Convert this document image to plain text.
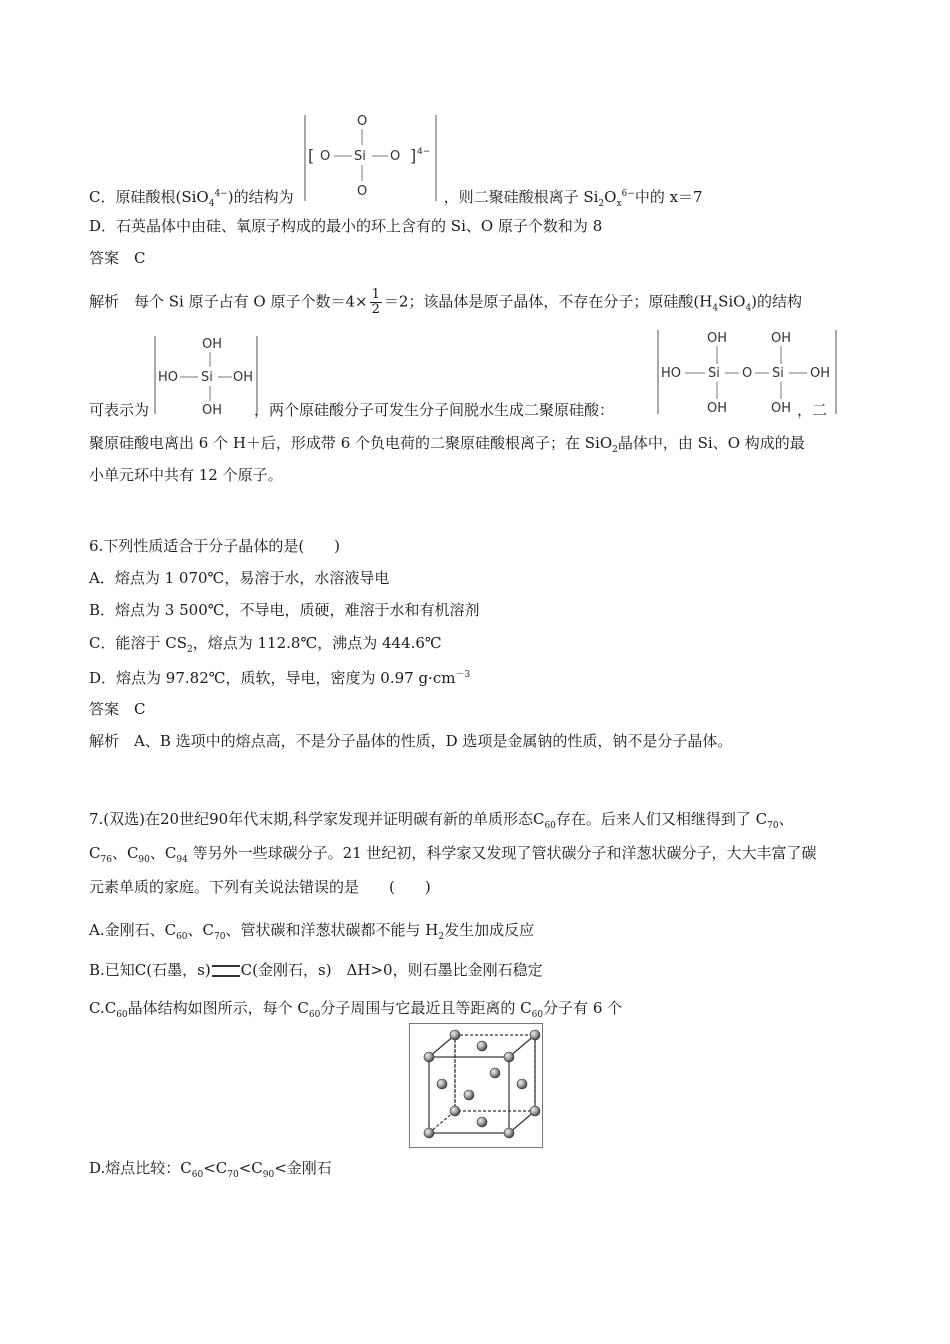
[ O Si O ] 4−
O
O
C．原硅酸根(SiO$_4^{4-}$)的结构为	，则二聚硅酸根离子 $Si_2O_x^{6-}$中的 x＝7
D．石英晶体中由硅、氧原子构成的最小的环上含有的 Si、O 原子个数和为 8
答案　C
解析　每个 Si 原子占有 O 原子个数$=4\times \frac{1}{2} =2$；该晶体是原子晶体，不存在分子；原硅酸$(H_4SiO_4)$的结构
OH
HO Si OH
OH
OH	OH
HO Si O Si OH
OH	OH
可表示为	，两个原硅酸分子可发生分子间脱水生成二聚原硅酸：	，二
聚原硅酸电离出 6 个 H＋后，形成带 6 个负电荷的二聚原硅酸根离子；在 SiO$_2$晶体中，由 Si、O 构成的最
小单元环中共有 12 个原子。
6.下列性质适合于分子晶体的是(　　)
A．熔点为 1 070℃，易溶于水，水溶液导电
B．熔点为 3 500℃，不导电，质硬，难溶于水和有机溶剂
C．能溶于 $CS_2$，熔点为 112.8℃，沸点为 444.6℃
D．熔点为 97.82℃，质软，导电，密度为 0.97 $g\cdot cm^{-3}$
答案　C
解析　A、B 选项中的熔点高，不是分子晶体的性质，D 选项是金属钠的性质，钠不是分子晶体。
7.(双选)在20世纪90年代末期,科学家发现并证明碳有新的单质形态$C_{60}$存在。后来人们又相继得到了 $C_{70}$、
$C_{76}$、$C_{90}$、$C_{94}$ 等另外一些球碳分子。21 世纪初，科学家又发现了管状碳分子和洋葱状碳分子，大大丰富了碳
元素单质的家庭。下列有关说法错误的是　　(　　)
A.金刚石、$C_{60}$、$C_{70}$、管状碳和洋葱状碳都不能与 $H_2$发生加成反应
B.已知C(石墨，s) C(金刚石，s)　ΔH>0，则石墨比金刚石稳定
$C.C_{60}$晶体结构如图所示，每个 $C_{60}$分子周围与它最近且等距离的 $C_{60}$分子有 6 个
D.熔点比较：$C_{60}<C_{70}<C_{90}<$金刚石
